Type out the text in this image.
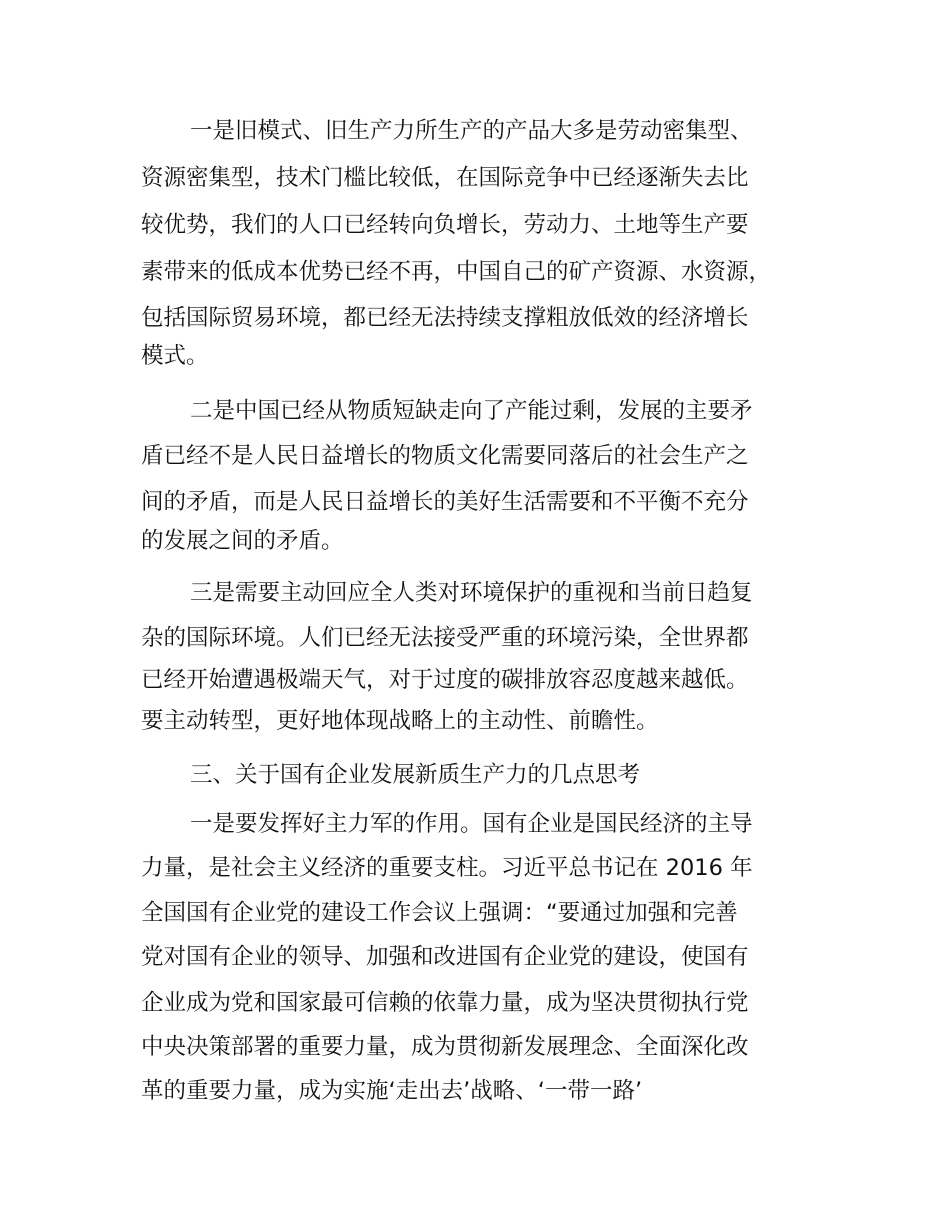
一是旧模式、旧生产力所生产的产品大多是劳动密集型、

资源密集型，技术门槛比较低，在国际竞争中已经逐渐失去比

较优势，我们的人口已经转向负增长，劳动力、土地等生产要

素带来的低成本优势已经不再，中国自己的矿产资源、水资源，

包括国际贸易环境，都已经无法持续支撑粗放低效的经济增长

模式。

二是中国已经从物质短缺走向了产能过剩，发展的主要矛

盾已经不是人民日益增长的物质文化需要同落后的社会生产之

间的矛盾，而是人民日益增长的美好生活需要和不平衡不充分

的发展之间的矛盾。

三是需要主动回应全人类对环境保护的重视和当前日趋复

杂的国际环境。人们已经无法接受严重的环境污染，全世界都

已经开始遭遇极端天气，对于过度的碳排放容忍度越来越低。

要主动转型，更好地体现战略上的主动性、前瞻性。

三、关于国有企业发展新质生产力的几点思考

一是要发挥好主力军的作用。国有企业是国民经济的主导

力量，是社会主义经济的重要支柱。习近平总书记在 2016 年

全国国有企业党的建设工作会议上强调：“要通过加强和完善

党对国有企业的领导、加强和改进国有企业党的建设，使国有

企业成为党和国家最可信赖的依靠力量，成为坚决贯彻执行党

中央决策部署的重要力量，成为贯彻新发展理念、全面深化改

革的重要力量，成为实施‘走出去’战略、‘一带一路’
